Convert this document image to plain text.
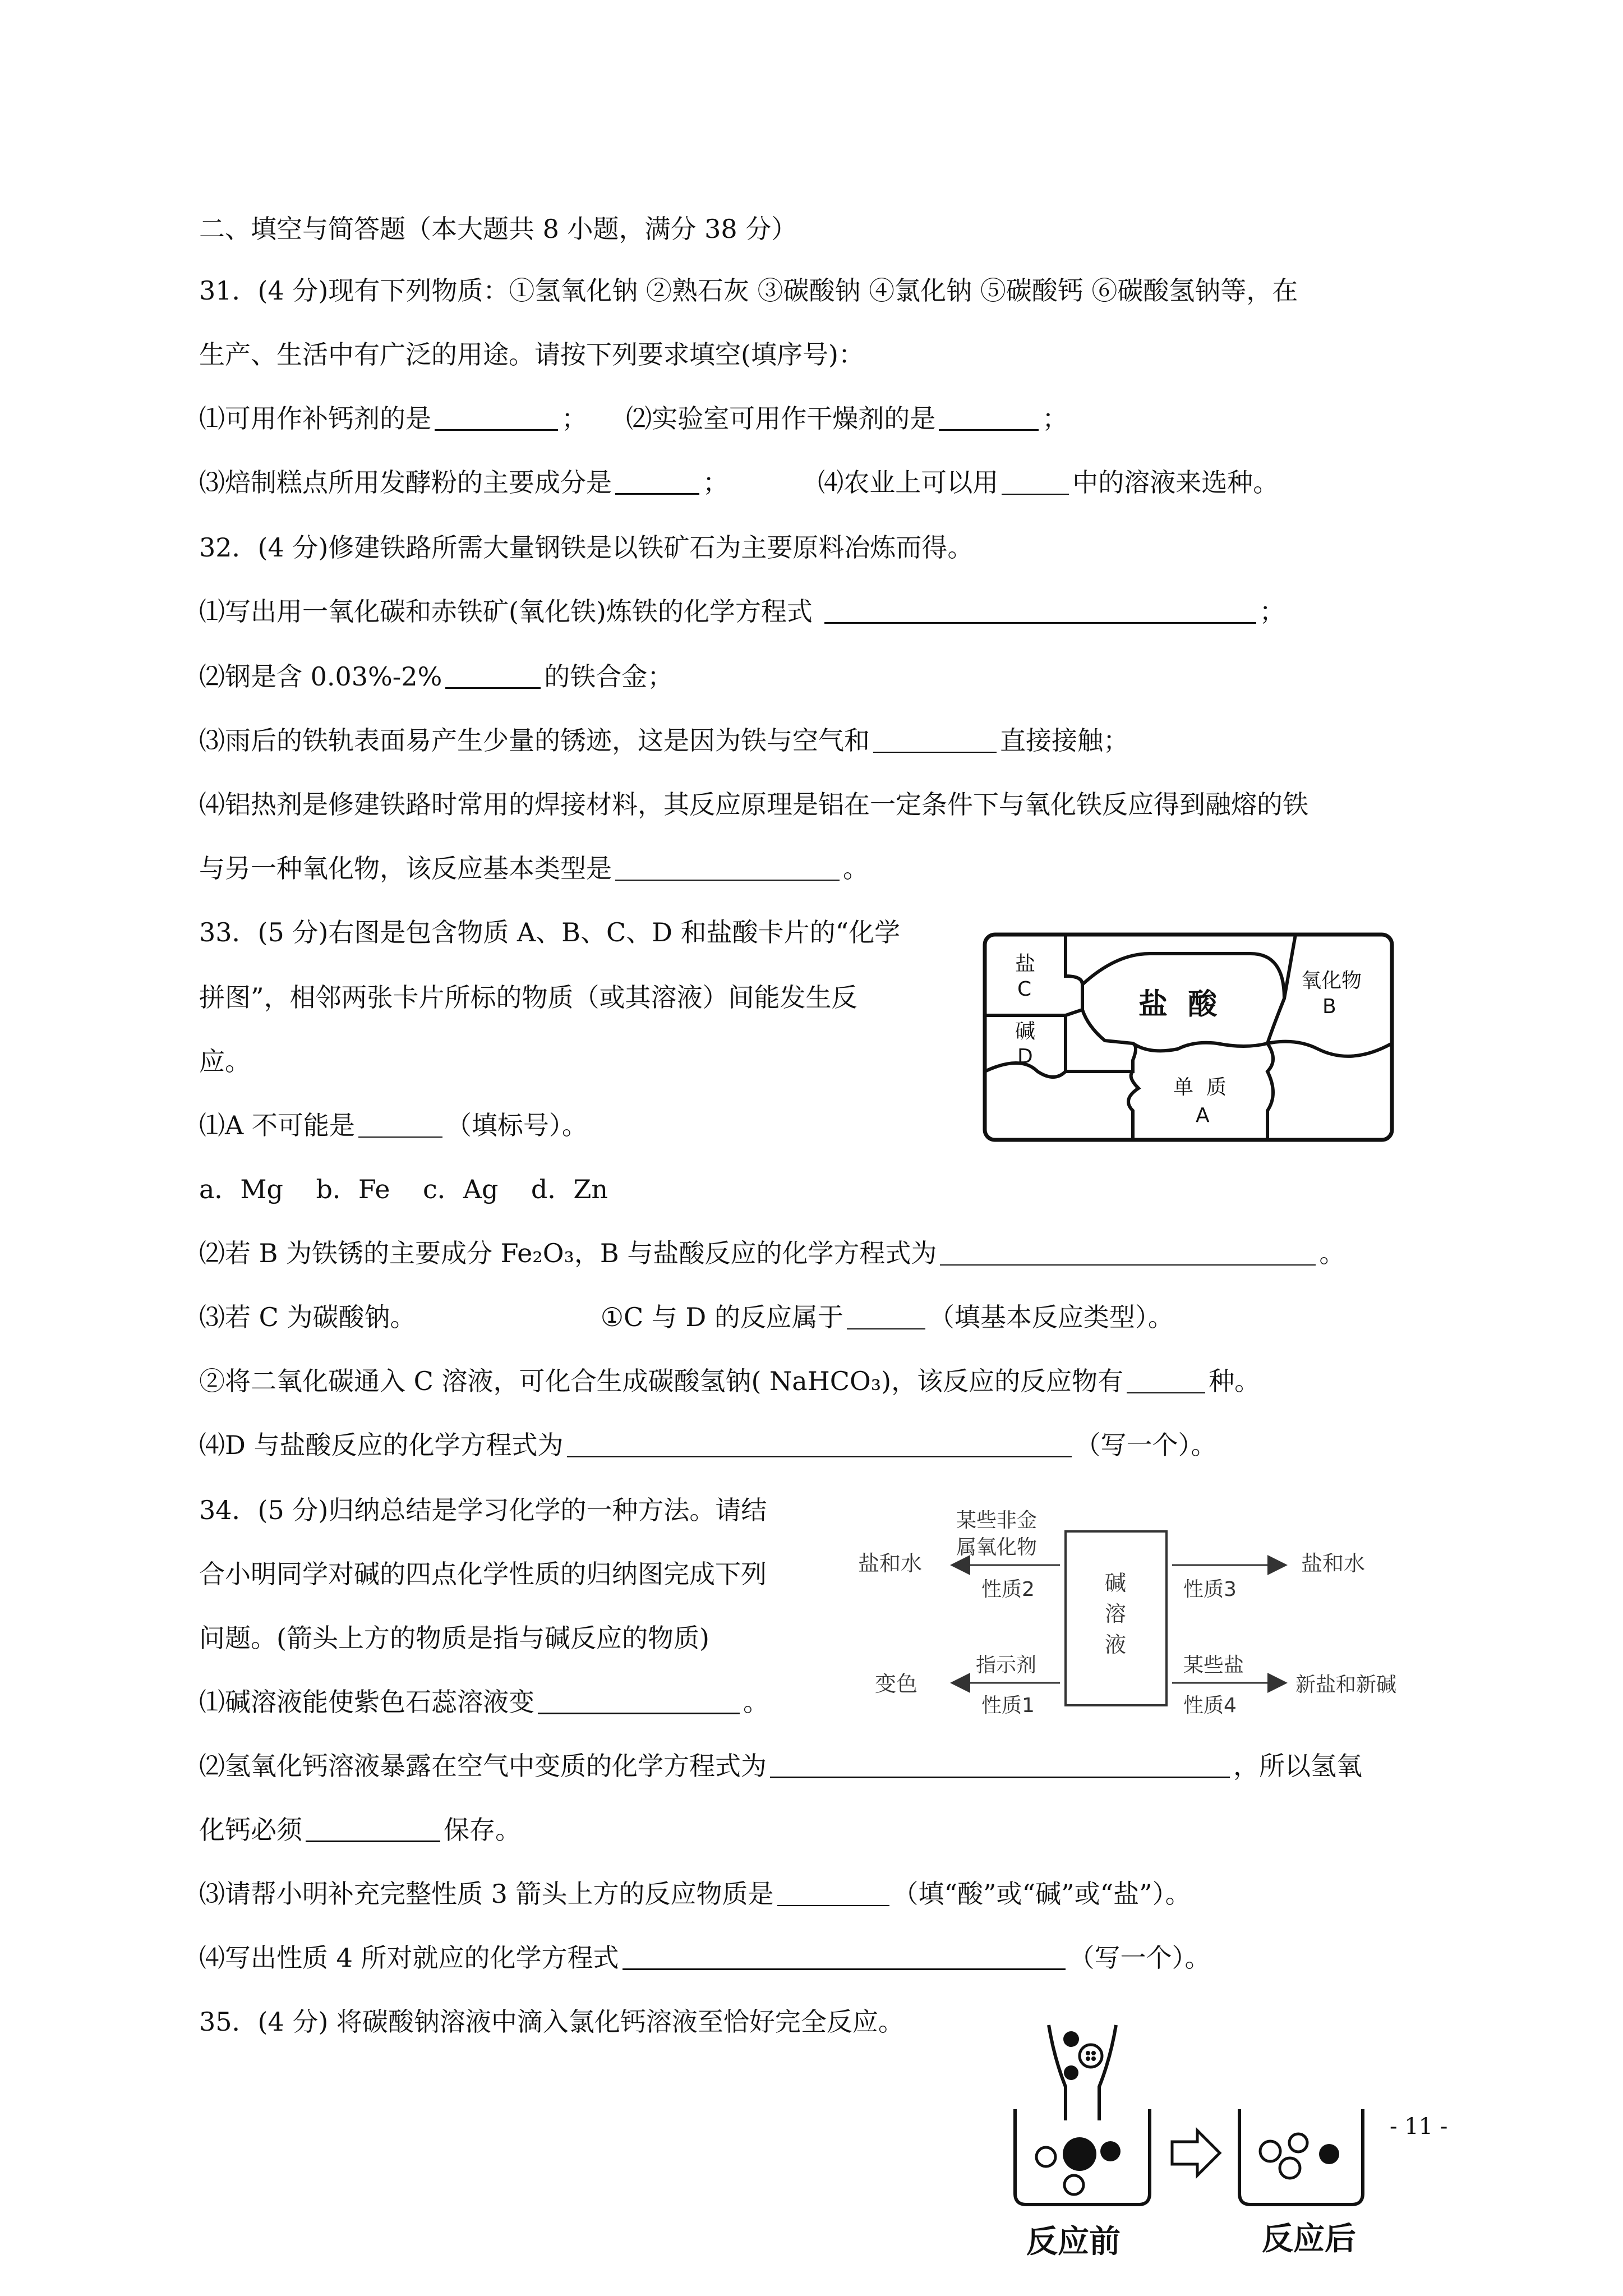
二、填空与简答题（本大题共 8 小题，满分 38 分）
31．(4 分)现有下列物质：①氢氧化钠 ②熟石灰 ③碳酸钠 ④氯化钠 ⑤碳酸钙 ⑥碳酸氢钠等，在
生产、生活中有广泛的用途。请按下列要求填空(填序号)：
⑴可用作补钙剂的是	； ⑵实验室可用作干燥剂的是	；
⑶焙制糕点所用发酵粉的主要成分是	；	⑷农业上可以用	中的溶液来选种。
32．(4 分)修建铁路所需大量钢铁是以铁矿石为主要原料冶炼而得。
⑴写出用一氧化碳和赤铁矿(氧化铁)炼铁的化学方程式	；
⑵钢是含 0.03%-2%	的铁合金；
⑶雨后的铁轨表面易产生少量的锈迹，这是因为铁与空气和	直接接触；
⑷铝热剂是修建铁路时常用的焊接材料，其反应原理是铝在一定条件下与氧化铁反应得到融熔的铁
与另一种氧化物，该反应基本类型是	。
33．(5 分)右图是包含物质 A、B、C、D 和盐酸卡片的“化学
拼图”，相邻两张卡片所标的物质（或其溶液）间能发生反
应。
⑴A 不可能是	（填标号）。
a．Mg    b．Fe    c．Ag    d．Zn
⑵若 B 为铁锈的主要成分 Fe₂O₃，B 与盐酸反应的化学方程式为	。
⑶若 C 为碳酸钠。	①C 与 D 的反应属于	（填基本反应类型）。
②将二氧化碳通入 C 溶液，可化合生成碳酸氢钠( NaHCO₃)，该反应的反应物有	种。
⑷D 与盐酸反应的化学方程式为	（写一个）。
盐
C
碱
D
盐  酸
氧化物
B
单  质
A
34．(5 分)归纳总结是学习化学的一种方法。请结
合小明同学对碱的四点化学性质的归纳图完成下列
问题。(箭头上方的物质是指与碱反应的物质)
⑴碱溶液能使紫色石蕊溶液变	。
⑵氢氧化钙溶液暴露在空气中变质的化学方程式为	，所以氢氧
化钙必须	保存。
⑶请帮小明补充完整性质 3 箭头上方的反应物质是	（填“酸”或“碱”或“盐”）。
⑷写出性质 4 所对就应的化学方程式	（写一个）。
碱
溶
液
某些非金
属氧化物
盐和水
性质2
盐和水
性质3
变色
指示剂
性质1
某些盐
新盐和新碱
性质4
35．(4 分) 将碳酸钠溶液中滴入氯化钙溶液至恰好完全反应。
反应前	反应后
- 11 -
